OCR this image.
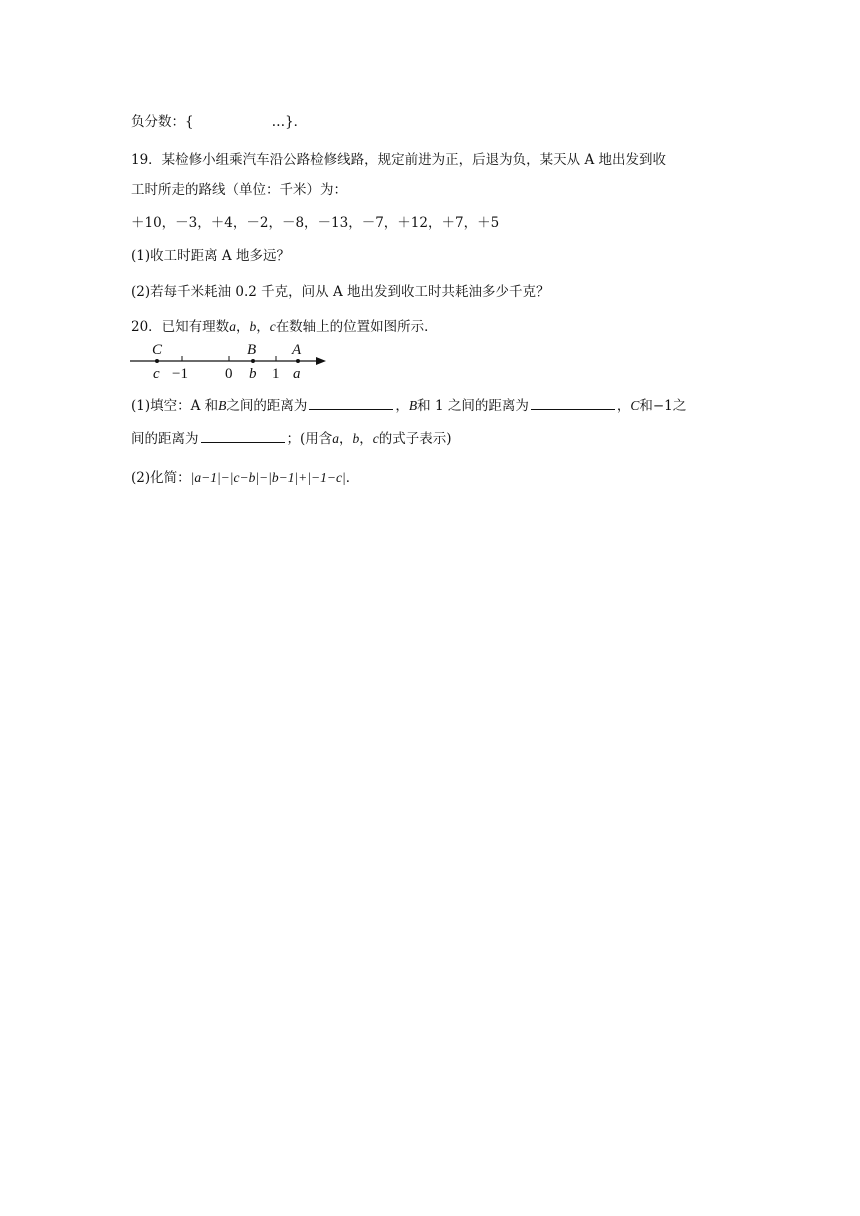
负分数：{	…}．
19．某检修小组乘汽车沿公路检修线路，规定前进为正，后退为负，某天从 A 地出发到收
工时所走的路线（单位：千米）为：
＋10，－3，＋4，－2，－8，－13，－7，＋12，＋7，＋5
(1)收工时距离 A 地多远？
(2)若每千米耗油 0.2 千克，问从 A 地出发到收工时共耗油多少千克？
20．已知有理数a，b，c在数轴上的位置如图所示．
C	B A
c −1 0 b 1 a
(1)填空：A 和B之间的距离为	，B和 1 之间的距离为	，C和−1之
间的距离为	；(用含a，b，c的式子表示)
(2)化简：|a−1|−|c−b|−|b−1|+|−1−c|．
